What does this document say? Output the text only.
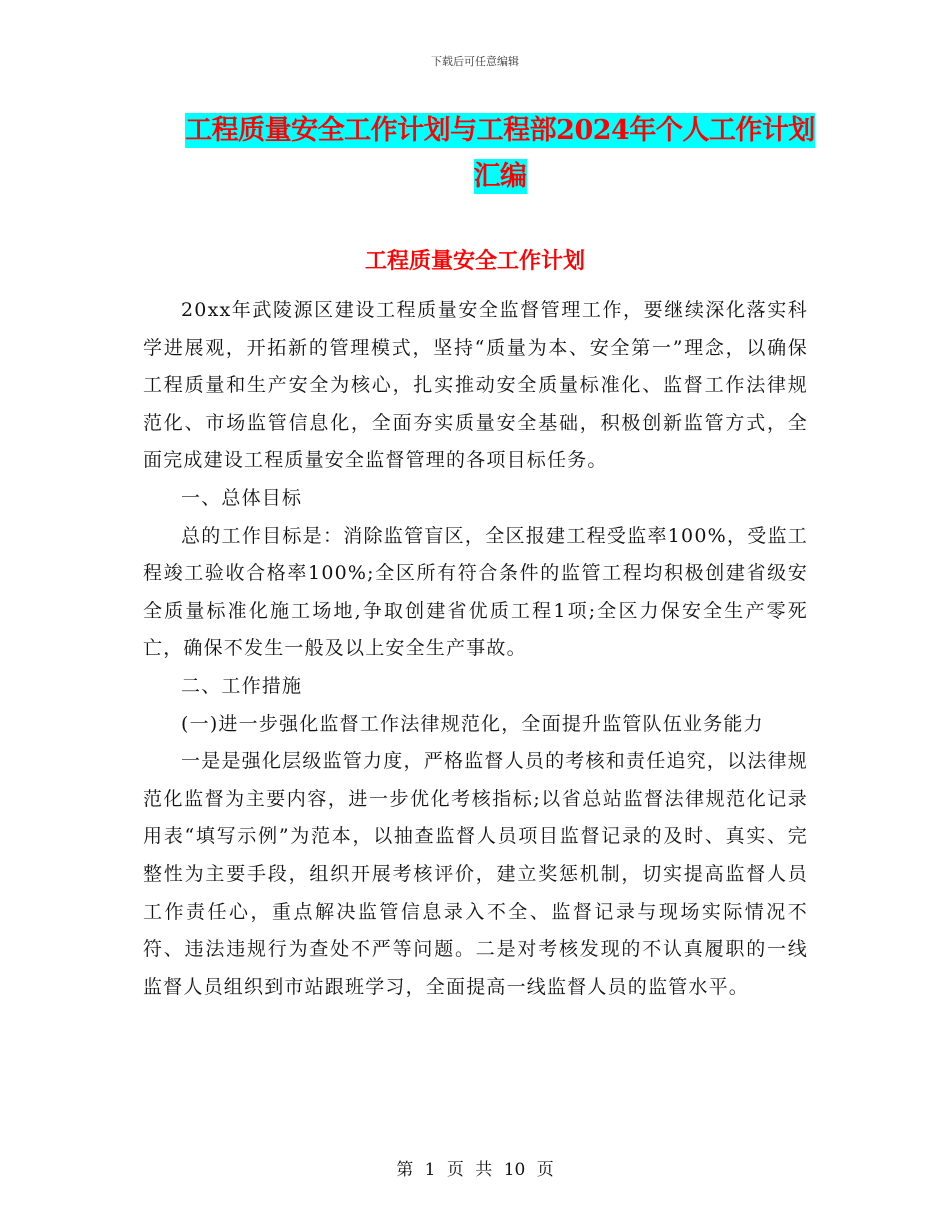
下载后可任意编辑
工程质量安全工作计划与工程部2024年个人工作计划
汇编
工程质量安全工作计划

20xx年武陵源区建设工程质量安全监督管理工作，要继续深化落实科学进展观，开拓新的管理模式，坚持“质量为本、安全第一”理念，以确保工程质量和生产安全为核心，扎实推动安全质量标准化、监督工作法律规范化、市场监管信息化，全面夯实质量安全基础，积极创新监管方式，全面完成建设工程质量安全监督管理的各项目标任务。

一、总体目标

总的工作目标是：消除监管盲区，全区报建工程受监率100%，受监工程竣工验收合格率100%;全区所有符合条件的监管工程均积极创建省级安全质量标准化施工场地,争取创建省优质工程1项;全区力保安全生产零死亡，确保不发生一般及以上安全生产事故。

二、工作措施

(一)进一步强化监督工作法律规范化，全面提升监管队伍业务能力

一是是强化层级监管力度，严格监督人员的考核和责任追究，以法律规范化监督为主要内容，进一步优化考核指标;以省总站监督法律规范化记录用表“填写示例”为范本，以抽查监督人员项目监督记录的及时、真实、完整性为主要手段，组织开展考核评价，建立奖惩机制，切实提高监督人员工作责任心，重点解决监管信息录入不全、监督记录与现场实际情况不符、违法违规行为查处不严等问题。二是对考核发现的不认真履职的一线监督人员组织到市站跟班学习，全面提高一线监督人员的监管水平。

第 1 页 共 10 页
